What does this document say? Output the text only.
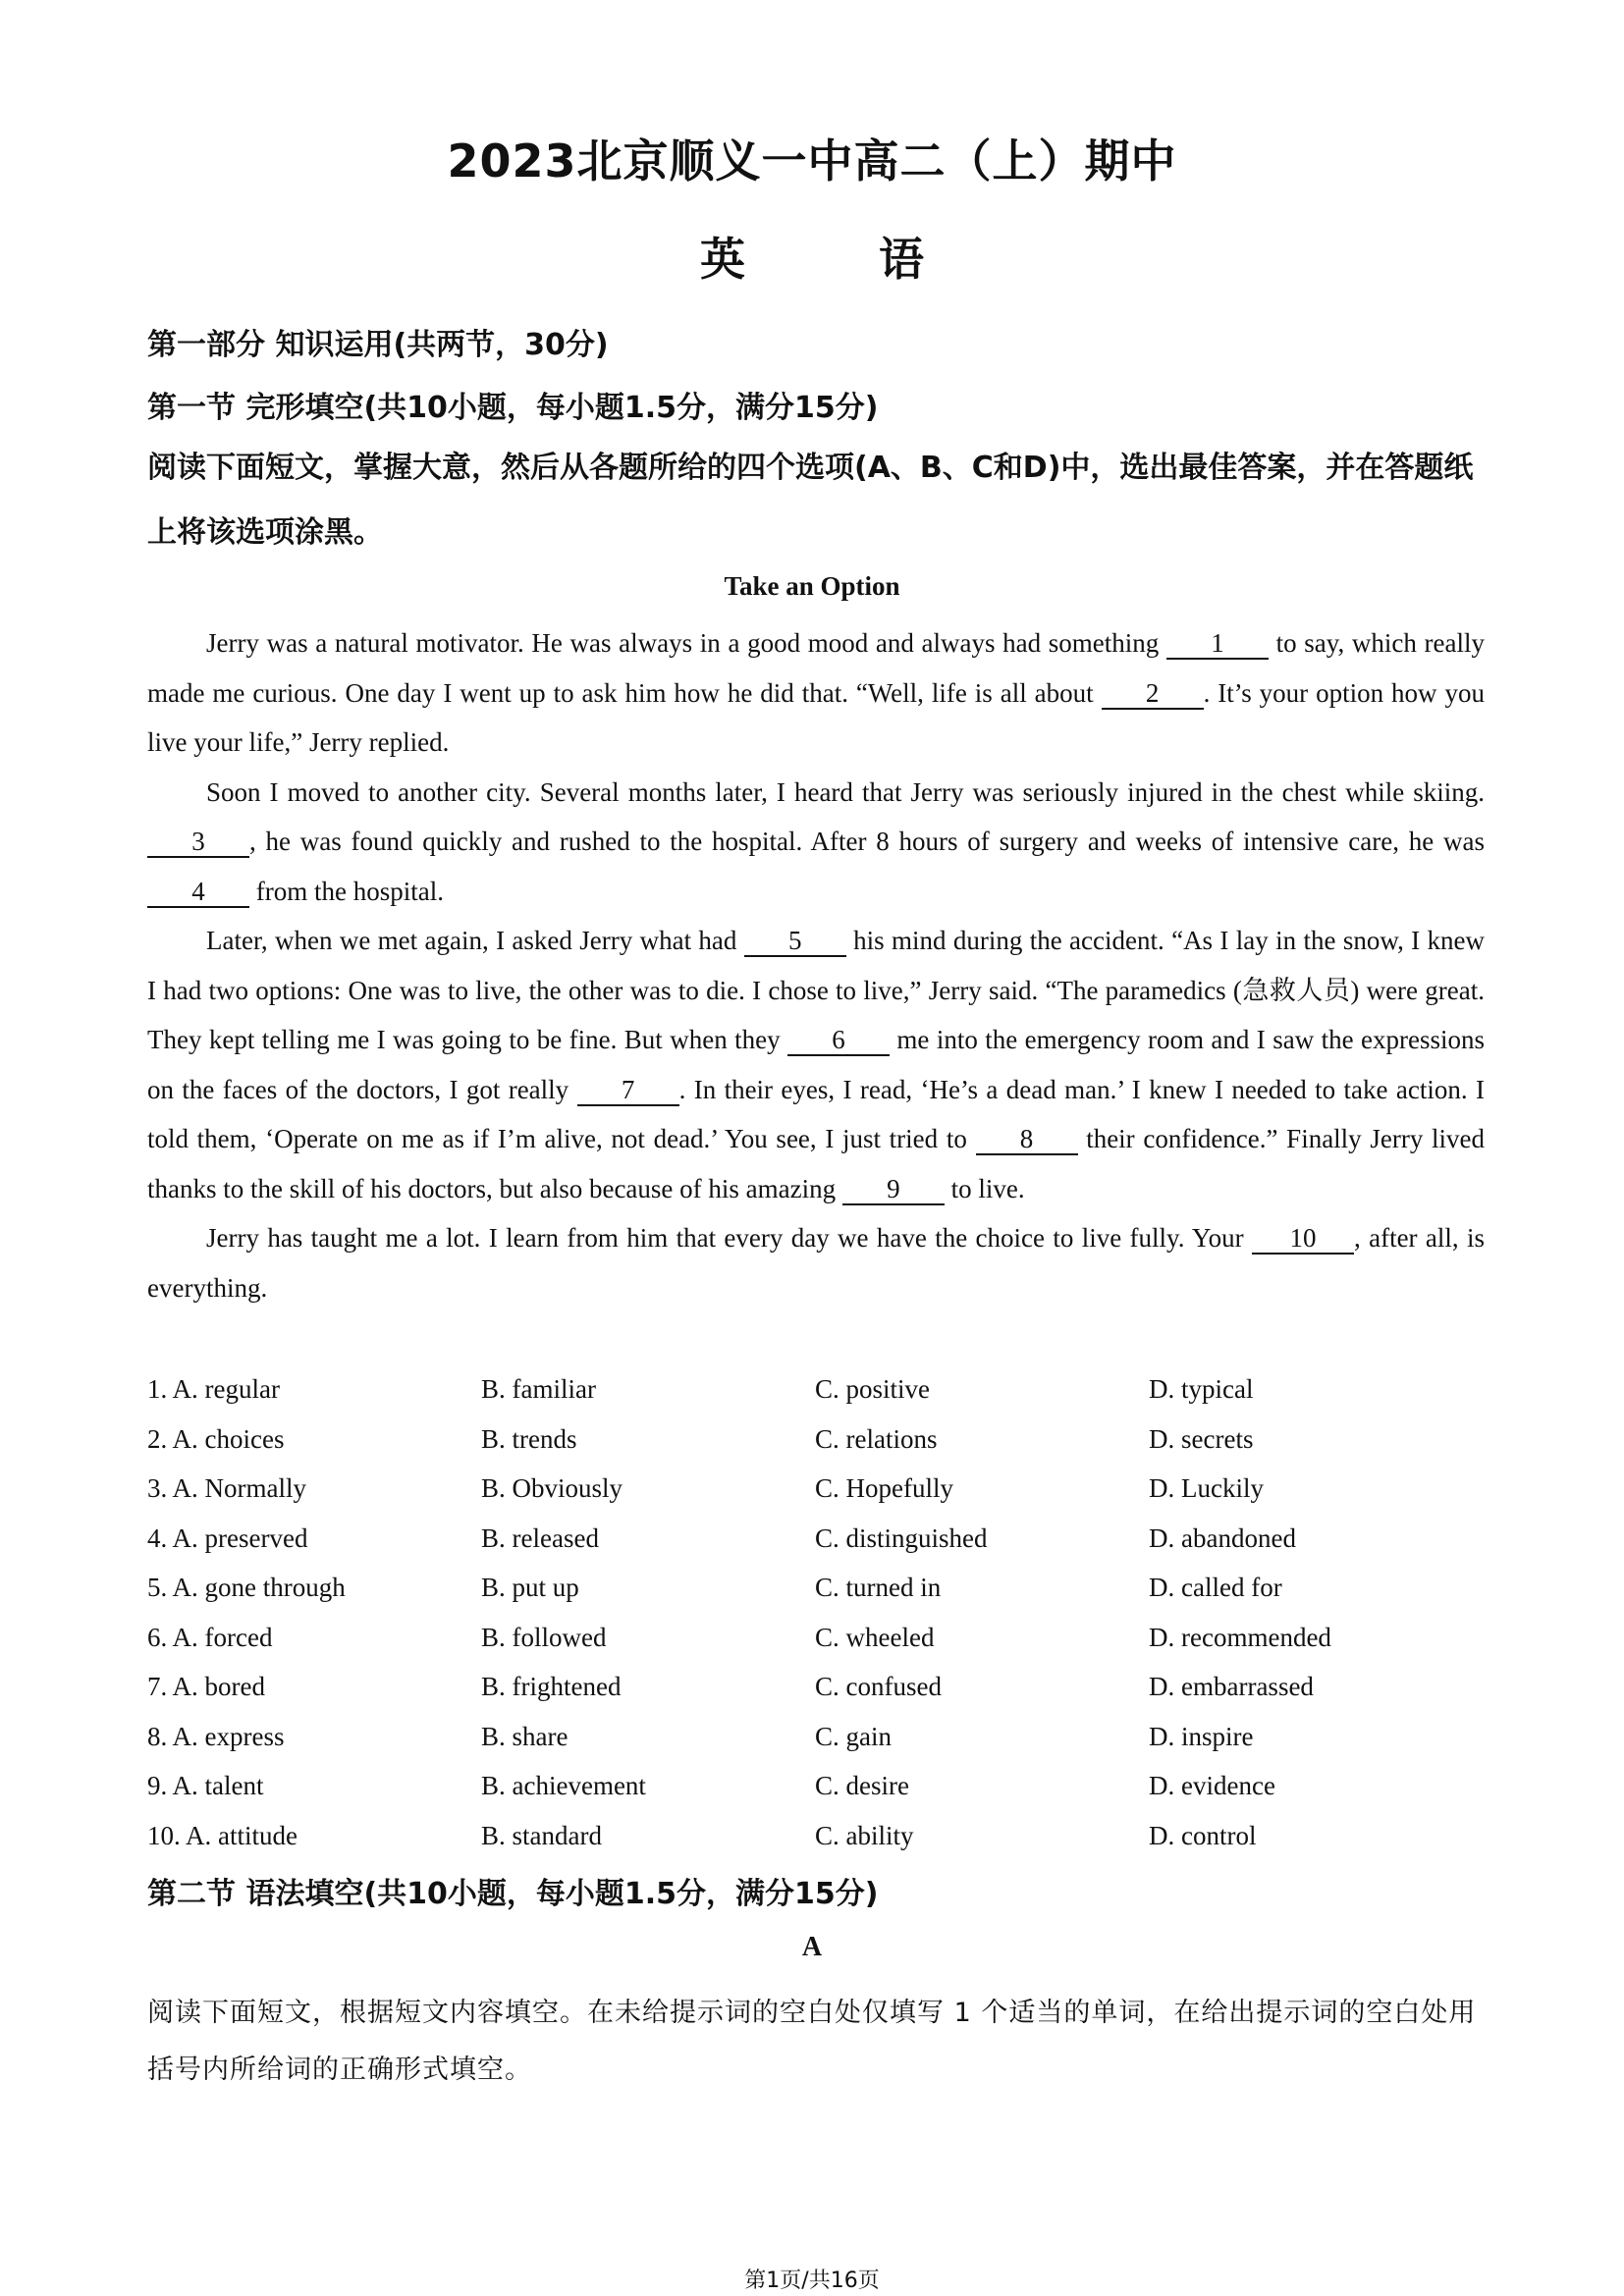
2023北京顺义一中高二（上）期中
英 语
第一部分 知识运用(共两节，30分)
第一节 完形填空(共10小题，每小题1.5分，满分15分)
阅读下面短文，掌握大意，然后从各题所给的四个选项(A、B、C和D)中，选出最佳答案，并在答题纸上将该选项涂黑。
Take an Option

Jerry was a natural motivator. He was always in a good mood and always had something 1 to say, which really made me curious. One day I went up to ask him how he did that. “Well, life is all about 2 . It’s your option how you live your life,” Jerry replied.

Soon I moved to another city. Several months later, I heard that Jerry was seriously injured in the chest while skiing. 3 , he was found quickly and rushed to the hospital. After 8 hours of surgery and weeks of intensive care, he was 4 from the hospital.

Later, when we met again, I asked Jerry what had 5 his mind during the accident. “As I lay in the snow, I knew I had two options: One was to live, the other was to die. I chose to live,” Jerry said. “The paramedics (急救人员) were great. They kept telling me I was going to be fine. But when they 6 me into the emergency room and I saw the expressions on the faces of the doctors, I got really 7 . In their eyes, I read, ‘He’s a dead man.’ I knew I needed to take action. I told them, ‘Operate on me as if I’m alive, not dead.’ You see, I just tried to 8 their confidence.” Finally Jerry lived thanks to the skill of his doctors, but also because of his amazing 9 to live.

Jerry has taught me a lot. I learn from him that every day we have the choice to live fully. Your 10 , after all, is everything.

1. A. regular	B. familiar	C. positive	D. typical
2. A. choices	B. trends	C. relations	D. secrets
3. A. Normally	B. Obviously	C. Hopefully	D. Luckily
4. A. preserved	B. released	C. distinguished	D. abandoned
5. A. gone through	B. put up	C. turned in	D. called for
6. A. forced	B. followed	C. wheeled	D. recommended
7. A. bored	B. frightened	C. confused	D. embarrassed
8. A. express	B. share	C. gain	D. inspire
9. A. talent	B. achievement	C. desire	D. evidence
10. A. attitude	B. standard	C. ability	D. control
第二节 语法填空(共10小题，每小题1.5分，满分15分)
A
阅读下面短文，根据短文内容填空。在未给提示词的空白处仅填写 1 个适当的单词，在给出提示词的空白处用括号内所给词的正确形式填空。
第1页/共16页
